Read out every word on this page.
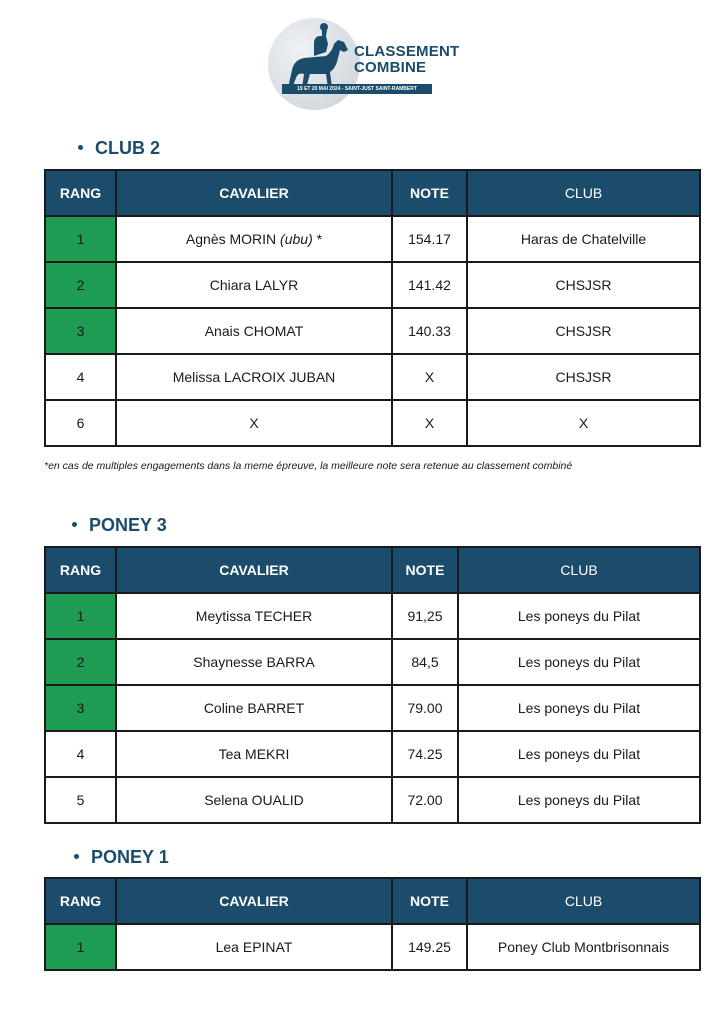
CLASSEMENT
COMBINE
19 ET 20 MAI 2024 - SAINT-JUST SAINT-RAMBERT
CLUB 2
RANG	CAVALIER	NOTE	CLUB
1	Agnès MORIN (ubu) *	154.17	Haras de Chatelville
2	Chiara LALYR	141.42	CHSJSR
3	Anais CHOMAT	140.33	CHSJSR
4	Melissa LACROIX JUBAN	X	CHSJSR
6	X	X	X
*en cas de multiples engagements dans la meme épreuve, la meilleure note sera retenue au classement combiné
PONEY 3
RANG	CAVALIER	NOTE	CLUB
1	Meytissa TECHER	91,25	Les poneys du Pilat
2	Shaynesse BARRA	84,5	Les poneys du Pilat
3	Coline BARRET	79.00	Les poneys du Pilat
4	Tea MEKRI	74.25	Les poneys du Pilat
5	Selena OUALID	72.00	Les poneys du Pilat
PONEY 1
RANG	CAVALIER	NOTE	CLUB
1	Lea EPINAT	149.25	Poney Club Montbrisonnais
